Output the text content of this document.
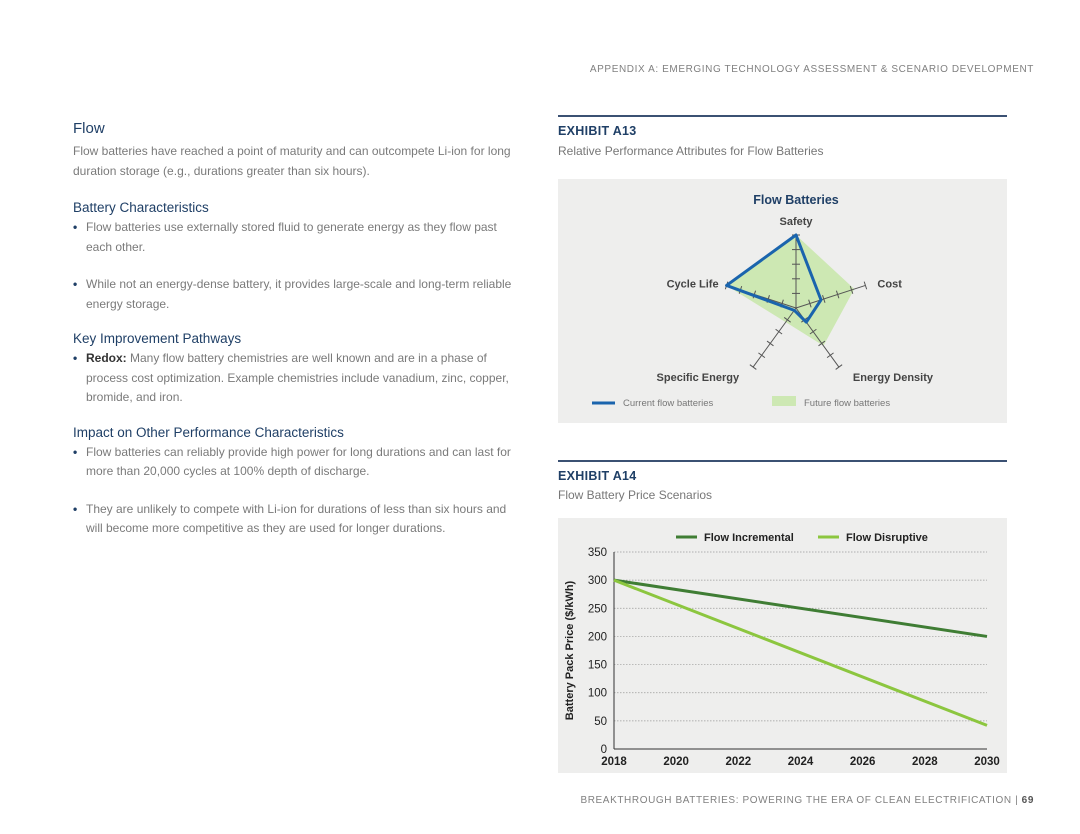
APPENDIX A: EMERGING TECHNOLOGY ASSESSMENT & SCENARIO DEVELOPMENT
Flow

Flow batteries have reached a point of maturity and can outcompete Li-ion for long duration storage (e.g., durations greater than six hours).

Battery Characteristics
• Flow batteries use externally stored fluid to generate energy as they flow past each other.
• While not an energy-dense battery, it provides large-scale and long-term reliable energy storage.
Key Improvement Pathways
• Redox: Many flow battery chemistries are well known and are in a phase of process cost optimization. Example chemistries include vanadium, zinc, copper, bromide, and iron.
Impact on Other Performance Characteristics
• Flow batteries can reliably provide high power for long durations and can last for more than 20,000 cycles at 100% depth of discharge.
• They are unlikely to compete with Li-ion for durations of less than six hours and will become more competitive as they are used for longer durations.
EXHIBIT A13
Relative Performance Attributes for Flow Batteries
Flow Batteries
Safety
Cost
Energy Density
Specific Energy
Cycle Life
Current flow batteries	Future flow batteries
EXHIBIT A14
Flow Battery Price Scenarios
0
50
100
150
200
250
300
350
2018	2020	2022	2024	2026	2028	2030
Battery Pack Price ($/kWh)
Flow Incremental	Flow Disruptive
BREAKTHROUGH BATTERIES: POWERING THE ERA OF CLEAN ELECTRIFICATION | 69
